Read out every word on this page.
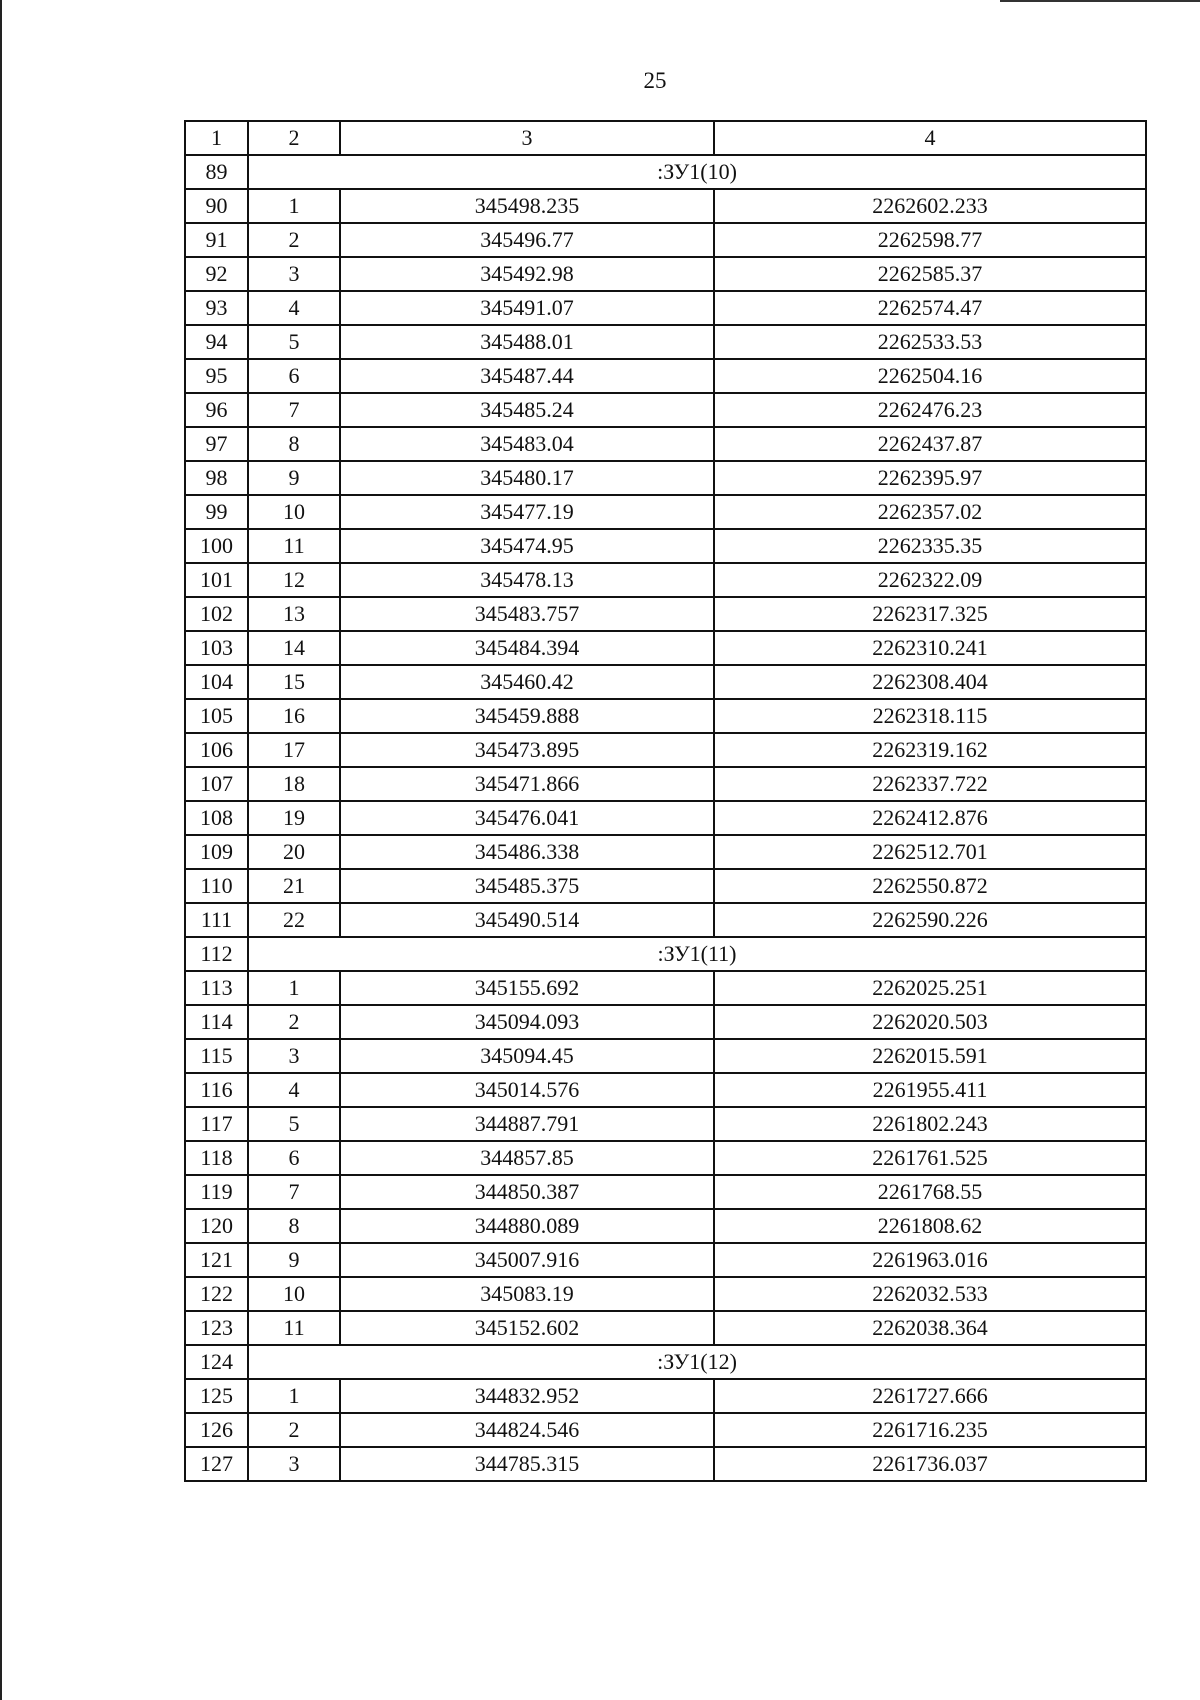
25
1	2	3	4
89	:ЗУ1(10)		
90	1	345498.235	2262602.233
91	2	345496.77	2262598.77
92	3	345492.98	2262585.37
93	4	345491.07	2262574.47
94	5	345488.01	2262533.53
95	6	345487.44	2262504.16
96	7	345485.24	2262476.23
97	8	345483.04	2262437.87
98	9	345480.17	2262395.97
99	10	345477.19	2262357.02
100	11	345474.95	2262335.35
101	12	345478.13	2262322.09
102	13	345483.757	2262317.325
103	14	345484.394	2262310.241
104	15	345460.42	2262308.404
105	16	345459.888	2262318.115
106	17	345473.895	2262319.162
107	18	345471.866	2262337.722
108	19	345476.041	2262412.876
109	20	345486.338	2262512.701
110	21	345485.375	2262550.872
111	22	345490.514	2262590.226
112	:ЗУ1(11)		
113	1	345155.692	2262025.251
114	2	345094.093	2262020.503
115	3	345094.45	2262015.591
116	4	345014.576	2261955.411
117	5	344887.791	2261802.243
118	6	344857.85	2261761.525
119	7	344850.387	2261768.55
120	8	344880.089	2261808.62
121	9	345007.916	2261963.016
122	10	345083.19	2262032.533
123	11	345152.602	2262038.364
124	:ЗУ1(12)		
125	1	344832.952	2261727.666
126	2	344824.546	2261716.235
127	3	344785.315	2261736.037
